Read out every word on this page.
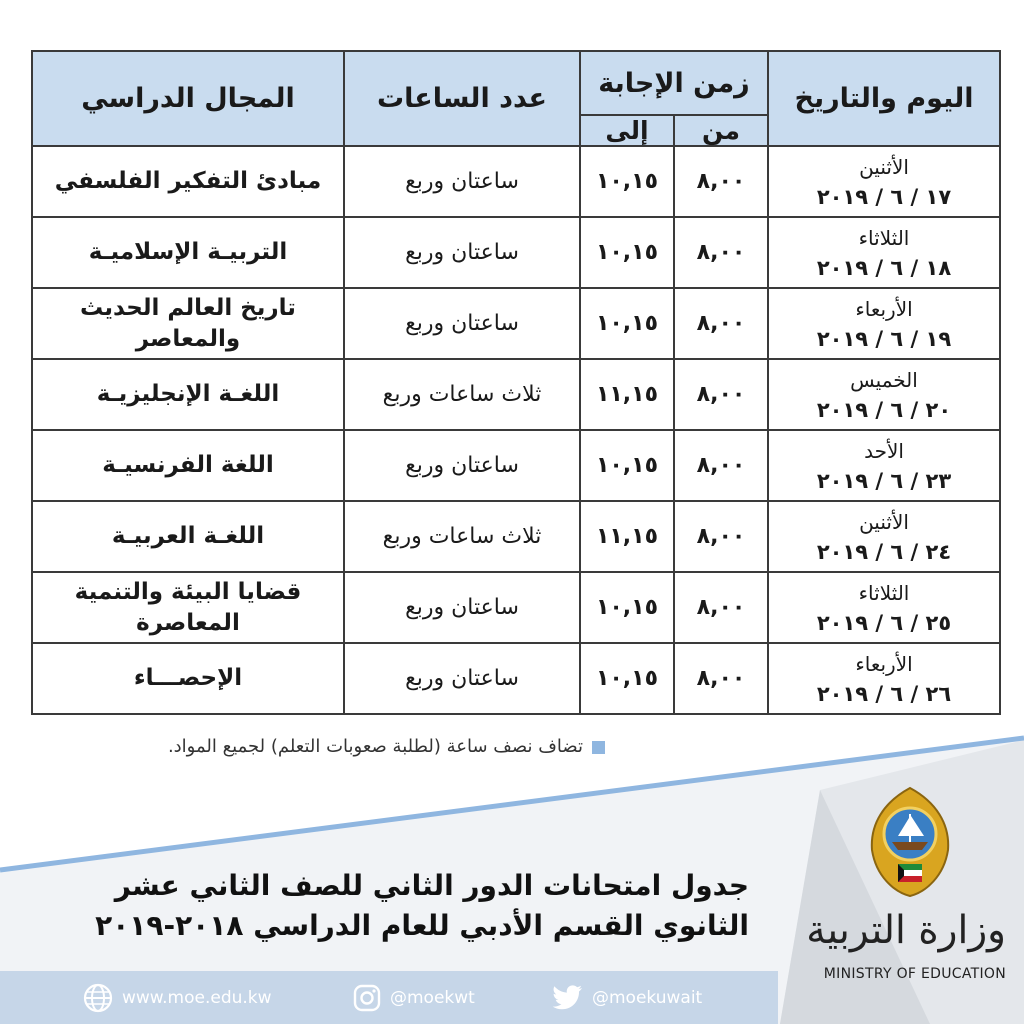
اليوم والتاريخ	زمن الإجابة		عدد الساعات	المجال الدراسي
	من	إلى		

الأثنين
١٧ / ٦ / ٢٠١٩	٨,٠٠	١٠,١٥	ساعتان وربع	مبادئ التفكير الفلسفي

الثلاثاء
١٨ / ٦ / ٢٠١٩	٨,٠٠	١٠,١٥	ساعتان وربع	التربيـة الإسلاميـة

الأربعاء
١٩ / ٦ / ٢٠١٩	٨,٠٠	١٠,١٥	ساعتان وربع	تاريخ العالم الحديث والمعاصر

الخميس
٢٠ / ٦ / ٢٠١٩	٨,٠٠	١١,١٥	ثلاث ساعات وربع	اللغـة الإنجليزيـة

الأحد
٢٣ / ٦ / ٢٠١٩	٨,٠٠	١٠,١٥	ساعتان وربع	اللغة الفرنسيـة

الأثنين
٢٤ / ٦ / ٢٠١٩	٨,٠٠	١١,١٥	ثلاث ساعات وربع	اللغـة العربيـة

الثلاثاء
٢٥ / ٦ / ٢٠١٩	٨,٠٠	١٠,١٥	ساعتان وربع	قضايا البيئة والتنمية المعاصرة

الأربعاء
٢٦ / ٦ / ٢٠١٩	٨,٠٠	١٠,١٥	ساعتان وربع	الإحصـــاء
تضاف نصف ساعة (لطلبة صعوبات التعلم) لجميع المواد.
جدول امتحانات الدور الثاني للصف الثاني عشر
الثانوي القسم الأدبي للعام الدراسي ٢٠١٨-٢٠١٩ وزارة التربية
MINISTRY OF EDUCATION
www.moe.edu.kw	@moekwt	@moekuwait
